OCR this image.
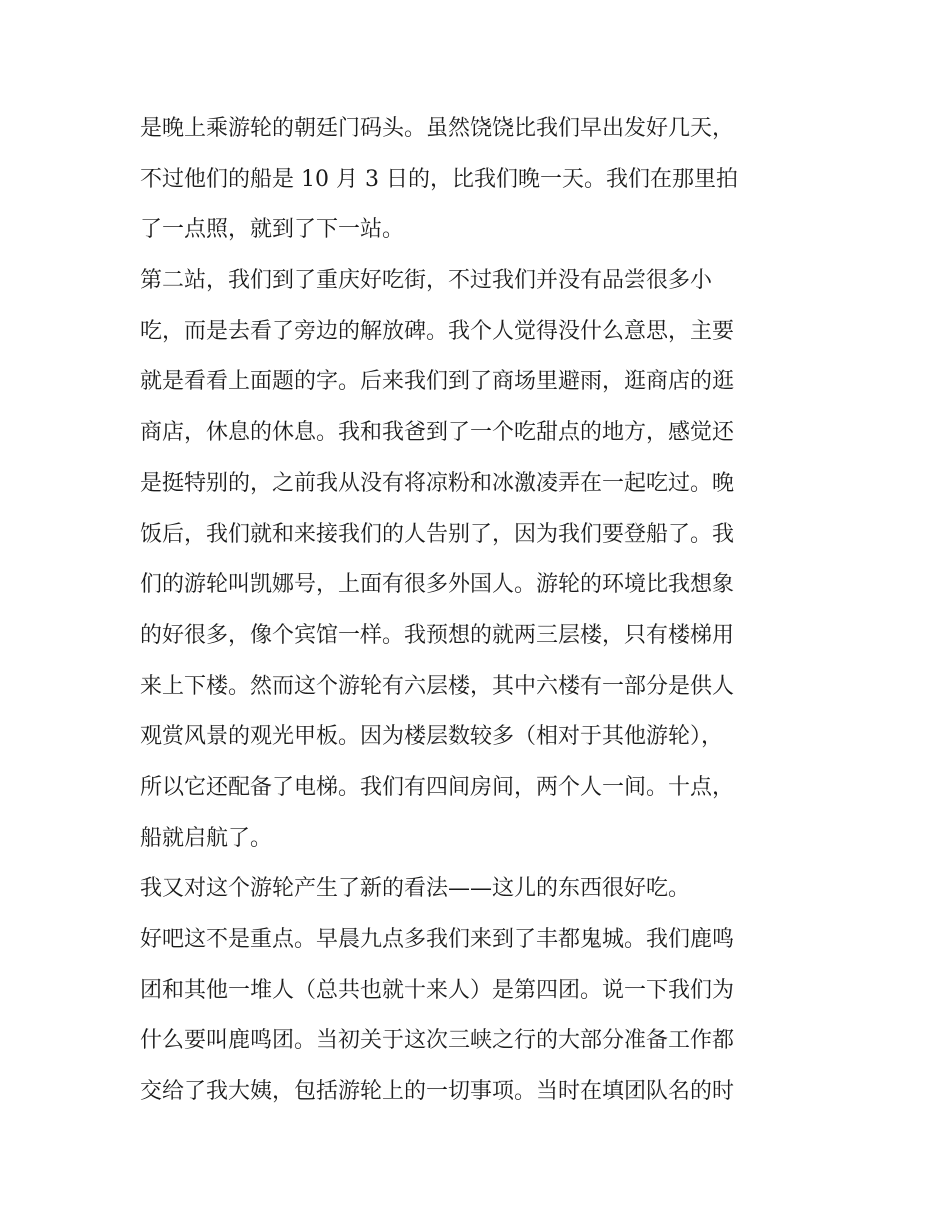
是晚上乘游轮的朝廷门码头。虽然饶饶比我们早出发好几天，
不过他们的船是 10 月 3 日的，比我们晚一天。我们在那里拍
了一点照，就到了下一站。
第二站，我们到了重庆好吃街，不过我们并没有品尝很多小
吃，而是去看了旁边的解放碑。我个人觉得没什么意思，主要
就是看看上面题的字。后来我们到了商场里避雨，逛商店的逛
商店，休息的休息。我和我爸到了一个吃甜点的地方，感觉还
是挺特别的，之前我从没有将凉粉和冰激凌弄在一起吃过。晚
饭后，我们就和来接我们的人告别了，因为我们要登船了。我
们的游轮叫凯娜号，上面有很多外国人。游轮的环境比我想象
的好很多，像个宾馆一样。我预想的就两三层楼，只有楼梯用
来上下楼。然而这个游轮有六层楼，其中六楼有一部分是供人
观赏风景的观光甲板。因为楼层数较多（相对于其他游轮），
所以它还配备了电梯。我们有四间房间，两个人一间。十点，
船就启航了。
我又对这个游轮产生了新的看法——这儿的东西很好吃。
好吧这不是重点。早晨九点多我们来到了丰都鬼城。我们鹿鸣
团和其他一堆人（总共也就十来人）是第四团。说一下我们为
什么要叫鹿鸣团。当初关于这次三峡之行的大部分准备工作都
交给了我大姨，包括游轮上的一切事项。当时在填团队名的时
